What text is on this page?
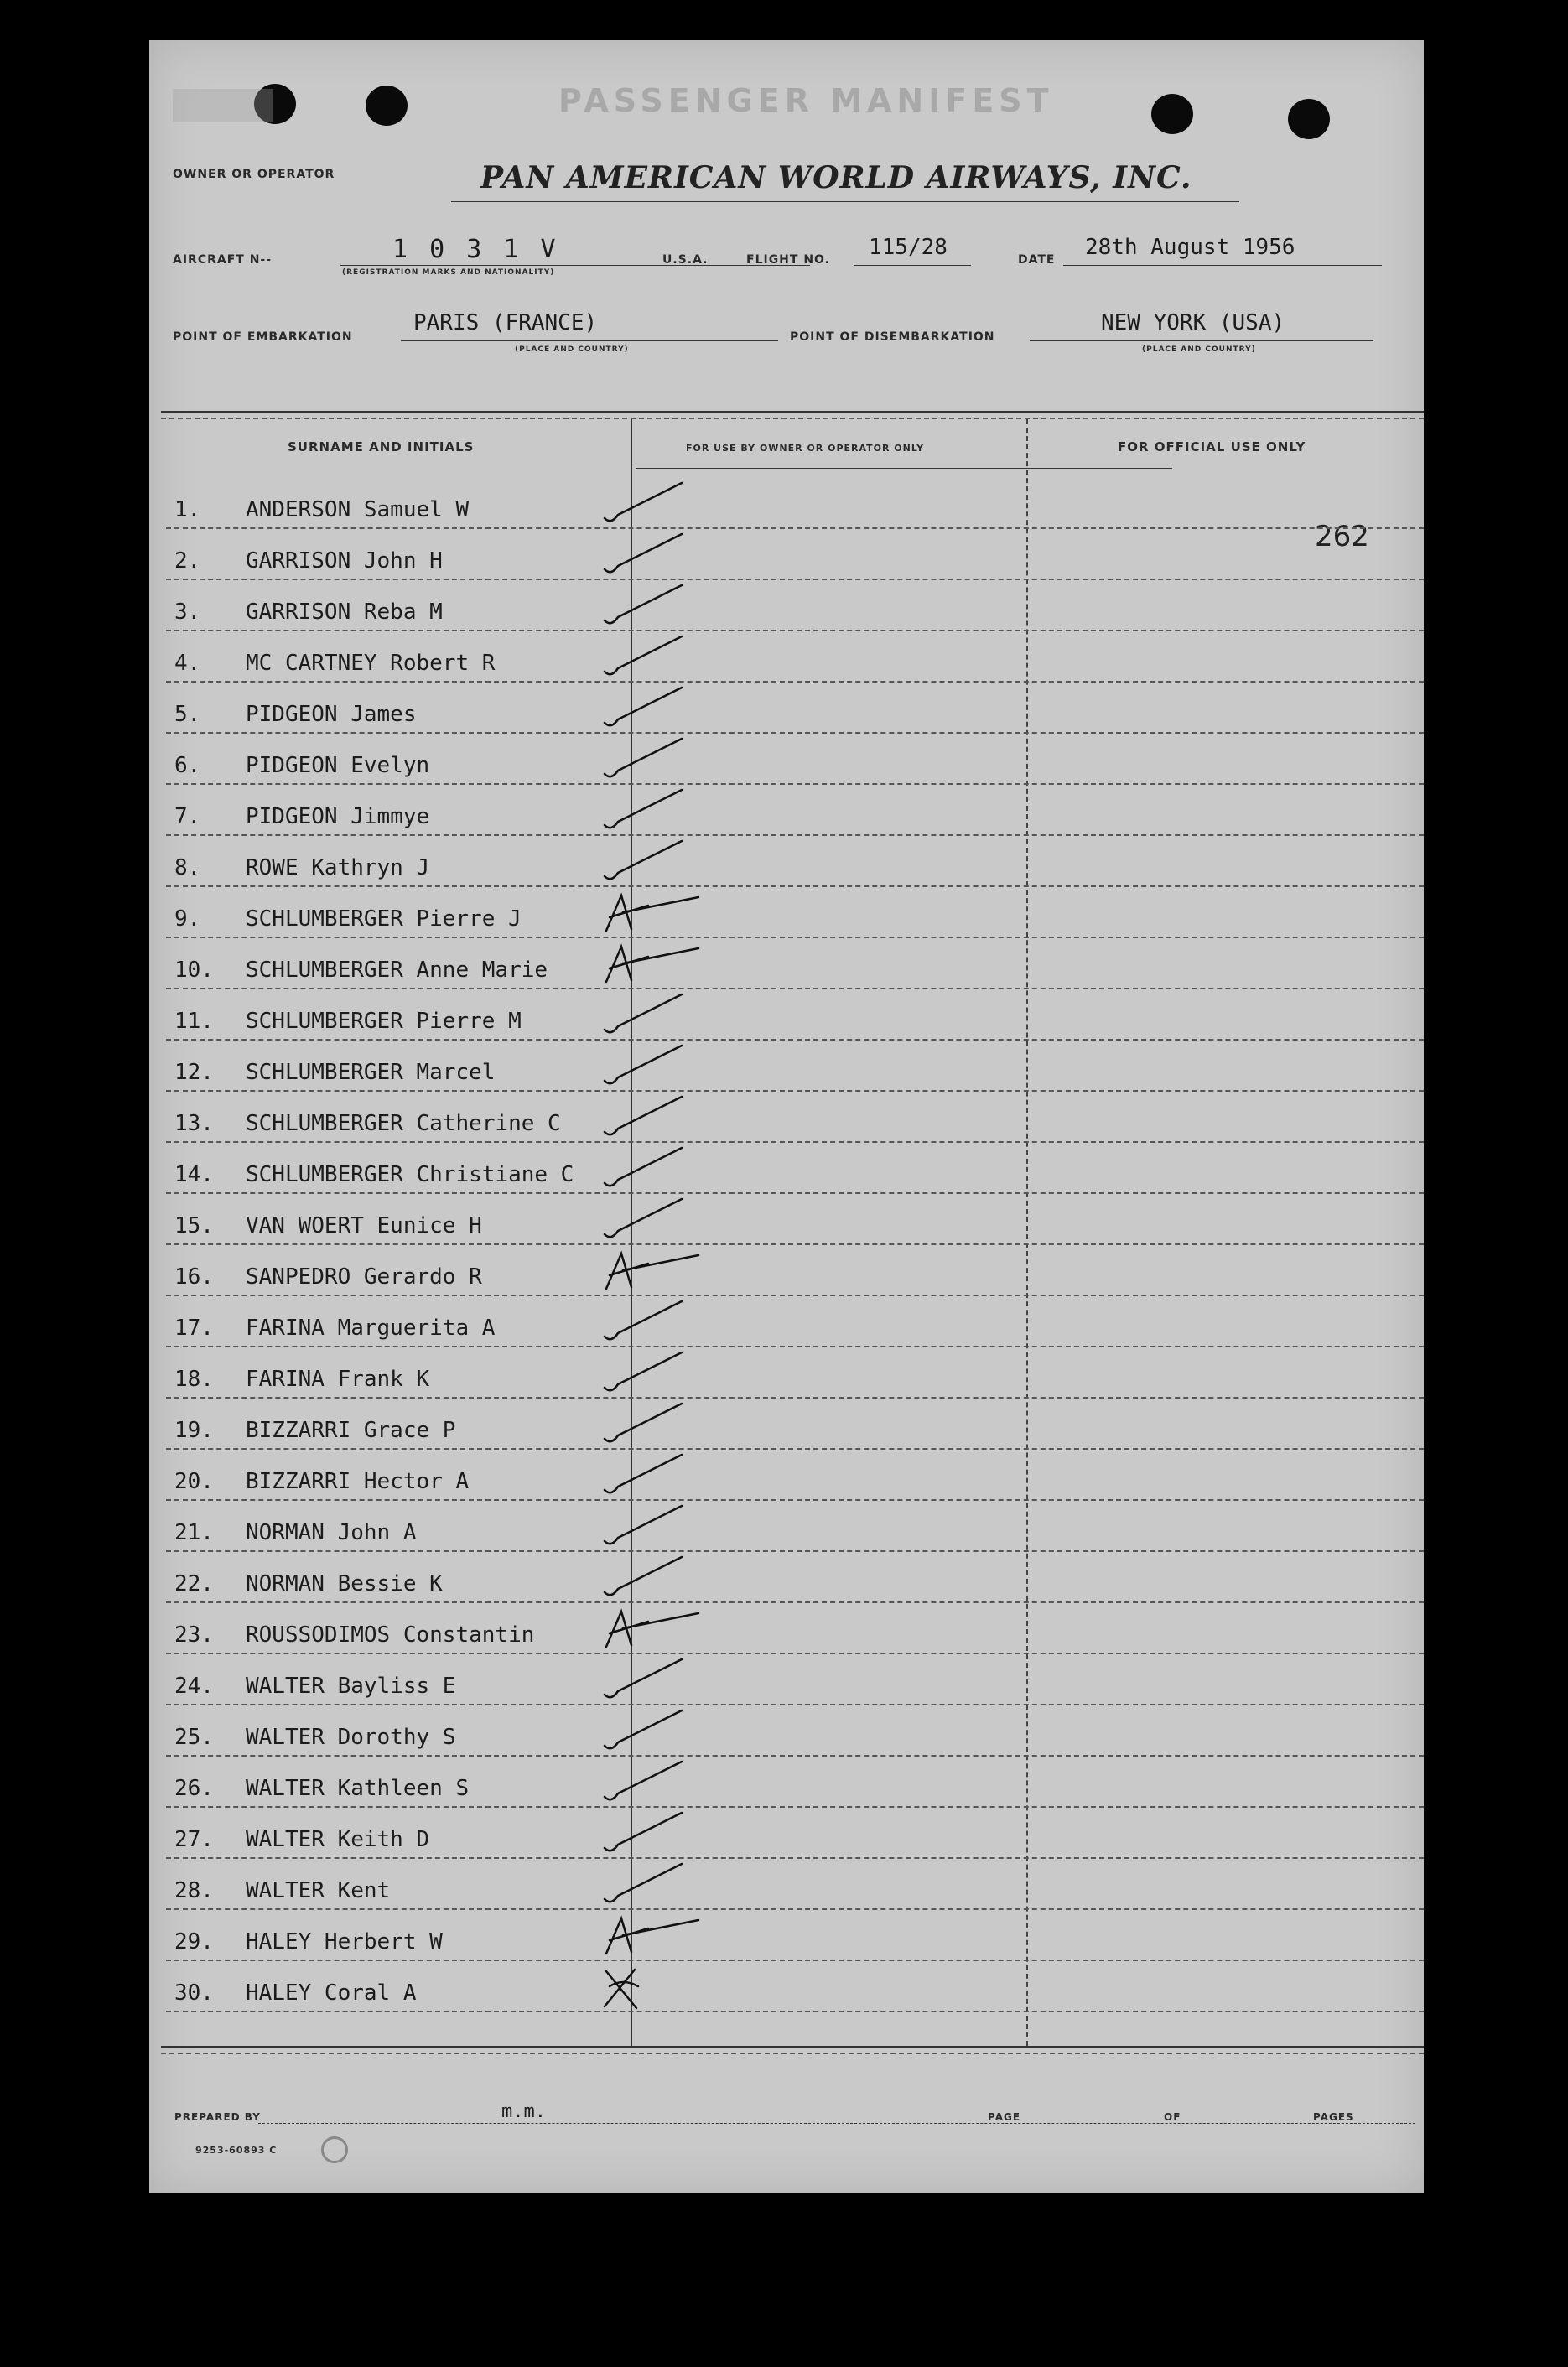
PASSENGER MANIFEST
OWNER OR OPERATOR	PAN AMERICAN WORLD AIRWAYS, INC.
AIRCRAFT N--	1 0 3 1 V
(REGISTRATION MARKS AND NATIONALITY)
U.S.A.	FLIGHT NO. 115/28	DATE 28th August 1956
POINT OF EMBARKATION
PARIS (FRANCE)
(PLACE AND COUNTRY)
POINT OF DISEMBARKATION
NEW YORK (USA)
(PLACE AND COUNTRY)
SURNAME AND INITIALS	FOR USE BY OWNER OR OPERATOR ONLY	FOR OFFICIAL USE ONLY
262
1. ANDERSON Samuel W
2. GARRISON John H
3. GARRISON Reba M
4. MC CARTNEY Robert R
5. PIDGEON James
6. PIDGEON Evelyn
7. PIDGEON Jimmye
8. ROWE Kathryn J
9. SCHLUMBERGER Pierre J
10. SCHLUMBERGER Anne Marie
11. SCHLUMBERGER Pierre M
12. SCHLUMBERGER Marcel
13. SCHLUMBERGER Catherine C
14. SCHLUMBERGER Christiane C
15. VAN WOERT Eunice H
16. SANPEDRO Gerardo R
17. FARINA Marguerita A
18. FARINA Frank K
19. BIZZARRI Grace P
20. BIZZARRI Hector A
21. NORMAN John A
22. NORMAN Bessie K
23. ROUSSODIMOS Constantin
24. WALTER Bayliss E
25. WALTER Dorothy S
26. WALTER Kathleen S
27. WALTER Keith D
28. WALTER Kent
29. HALEY Herbert W
30. HALEY Coral A
PREPARED BY	m.m.	PAGE	OF	PAGES
9253-60893 C
